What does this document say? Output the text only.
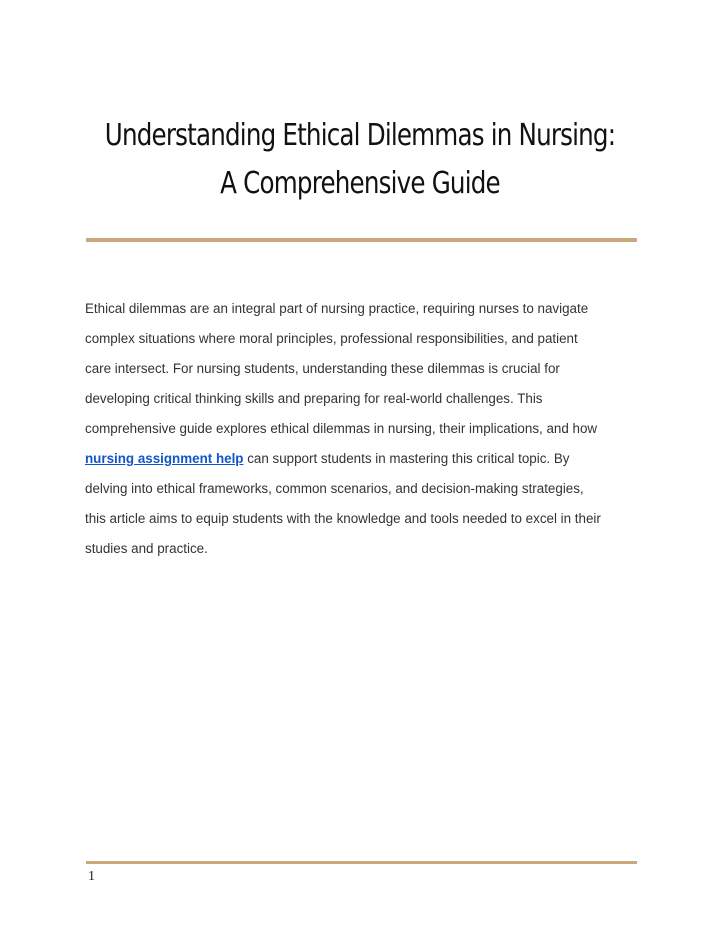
Understanding Ethical Dilemmas in Nursing:
A Comprehensive Guide

Ethical dilemmas are an integral part of nursing practice, requiring nurses to navigate
complex situations where moral principles, professional responsibilities, and patient
care intersect. For nursing students, understanding these dilemmas is crucial for
developing critical thinking skills and preparing for real-world challenges. This
comprehensive guide explores ethical dilemmas in nursing, their implications, and how
nursing assignment help can support students in mastering this critical topic. By
delving into ethical frameworks, common scenarios, and decision-making strategies,
this article aims to equip students with the knowledge and tools needed to excel in their
studies and practice.

1
